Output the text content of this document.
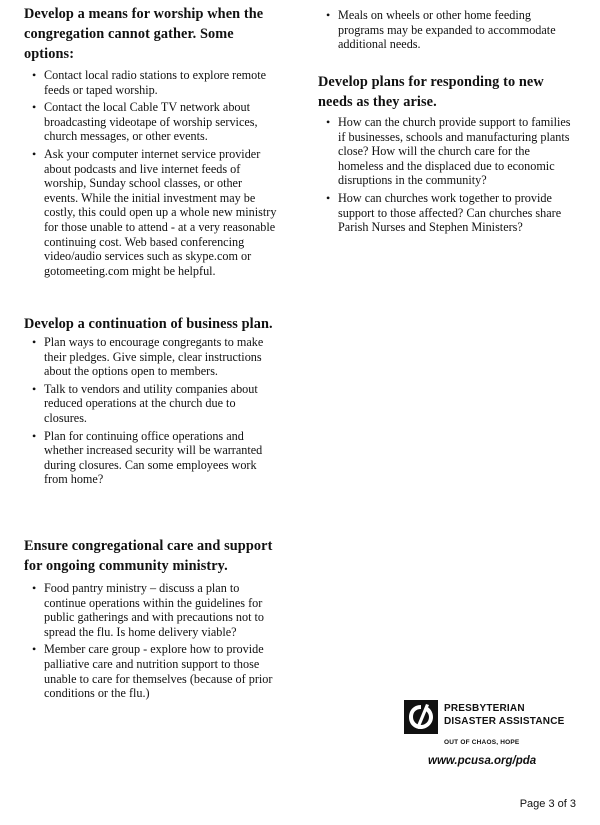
Develop a means for worship when the congregation cannot gather. Some options:
• Contact local radio stations to explore remote feeds or taped worship.
• Contact the local Cable TV network about broadcasting videotape of worship services, church messages, or other events.
• Ask your computer internet service provider about podcasts and live internet feeds of worship, Sunday school classes, or other events. While the initial investment may be costly, this could open up a whole new ministry for those unable to attend - at a very reasonable continuing cost. Web based conferencing video/audio services such as skype.com or gotomeeting.com might be helpful.
Develop a continuation of business plan.
• Plan ways to encourage congregants to make their pledges. Give simple, clear instructions about the options open to members.
• Talk to vendors and utility companies about reduced operations at the church due to closures.
• Plan for continuing office operations and whether increased security will be warranted during closures. Can some employees work from home?
Ensure congregational care and support for ongoing community ministry.
• Food pantry ministry – discuss a plan to continue operations within the guidelines for public gatherings and with precautions not to spread the flu. Is home delivery viable?
• Member care group - explore how to provide palliative care and nutrition support to those unable to care for themselves (because of prior conditions or the flu.)
• Meals on wheels or other home feeding programs may be expanded to accommodate additional needs.
Develop plans for responding to new needs as they arise.
• How can the church provide support to families if businesses, schools and manufacturing plants close? How will the church care for the homeless and the displaced due to economic disruptions in the community?
• How can churches work together to provide support to those affected? Can churches share Parish Nurses and Stephen Ministers?
PRESBYTERIAN
DISASTER ASSISTANCE
OUT OF CHAOS, HOPE
www.pcusa.org/pda
Page 3 of 3
